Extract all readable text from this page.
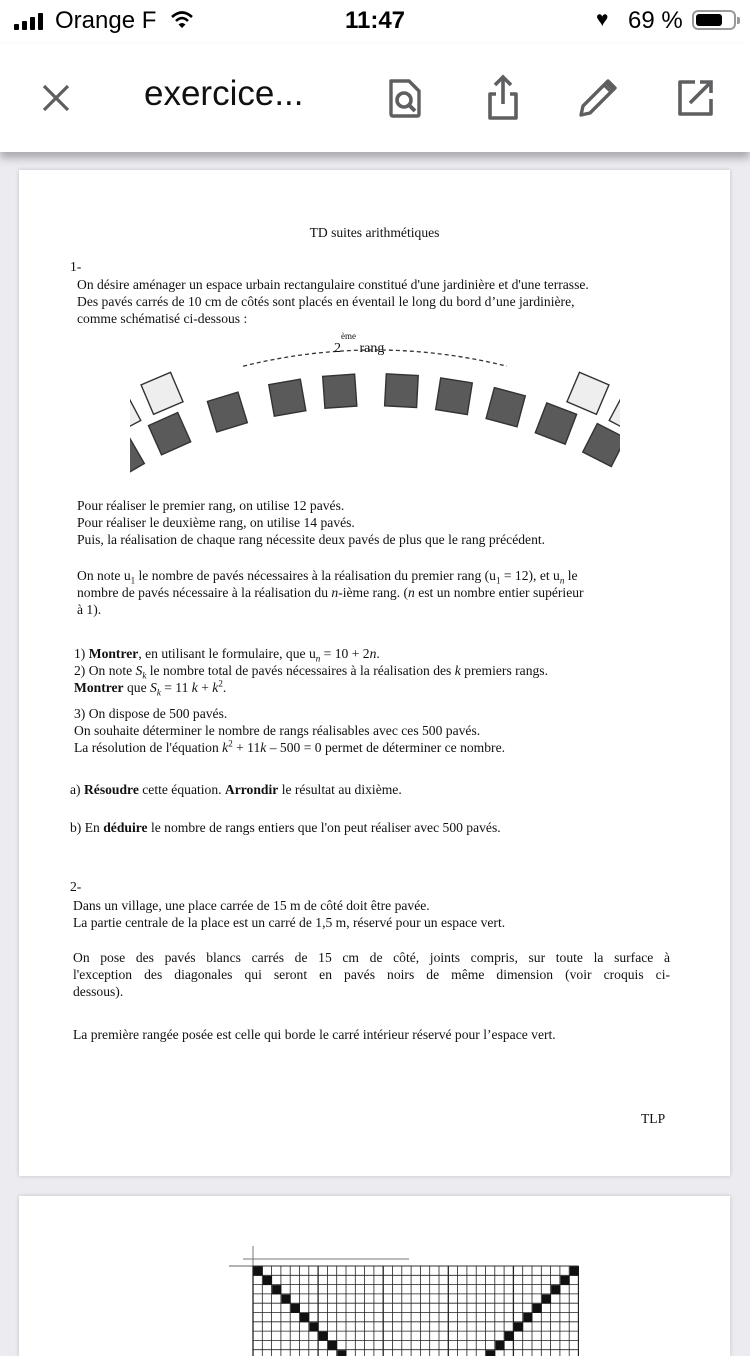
Orange F	11:47	♥ 69 %
exercice...
TD suites arithmétiques
1-

On désire aménager un espace urbain rectangulaire constitué d'une jardinière et d'une terrasse.

Des pavés carrés de 10 cm de côtés sont placés en éventail le long du bord d’une jardinière,

comme schématisé ci-dessous :

2ème rang

Pour réaliser le premier rang, on utilise 12 pavés.

Pour réaliser le deuxième rang, on utilise 14 pavés.

Puis, la réalisation de chaque rang nécessite deux pavés de plus que le rang précédent.

On note $u_1$ le nombre de pavés nécessaires à la réalisation du premier rang $(u_1 = 12)$, et $u_n$ le

nombre de pavés nécessaire à la réalisation du n-ième rang. (n est un nombre entier supérieur

à 1).

1) Montrer, en utilisant le formulaire, que $u_n = 10 + 2n$.

2) On note $S_k$ le nombre total de pavés nécessaires à la réalisation des k premiers rangs.

Montrer que $S_k = 11$ $k + k^2$.

3) On dispose de 500 pavés.

On souhaite déterminer le nombre de rangs réalisables avec ces 500 pavés.

La résolution de l'équation $k^2 + 11k - 500 = 0$ permet de déterminer ce nombre.

a) Résoudre cette équation. Arrondir le résultat au dixième.

b) En déduire le nombre de rangs entiers que l'on peut réaliser avec 500 pavés.

2-

Dans un village, une place carrée de 15 m de côté doit être pavée.

La partie centrale de la place est un carré de 1,5 m, réservé pour un espace vert.

On pose des pavés blancs carrés de 15 cm de côté, joints compris, sur toute la surface à

l'exception des diagonales qui seront en pavés noirs de même dimension (voir croquis ci-

dessous).

La première rangée posée est celle qui borde le carré intérieur réservé pour l’espace vert.
TLP
